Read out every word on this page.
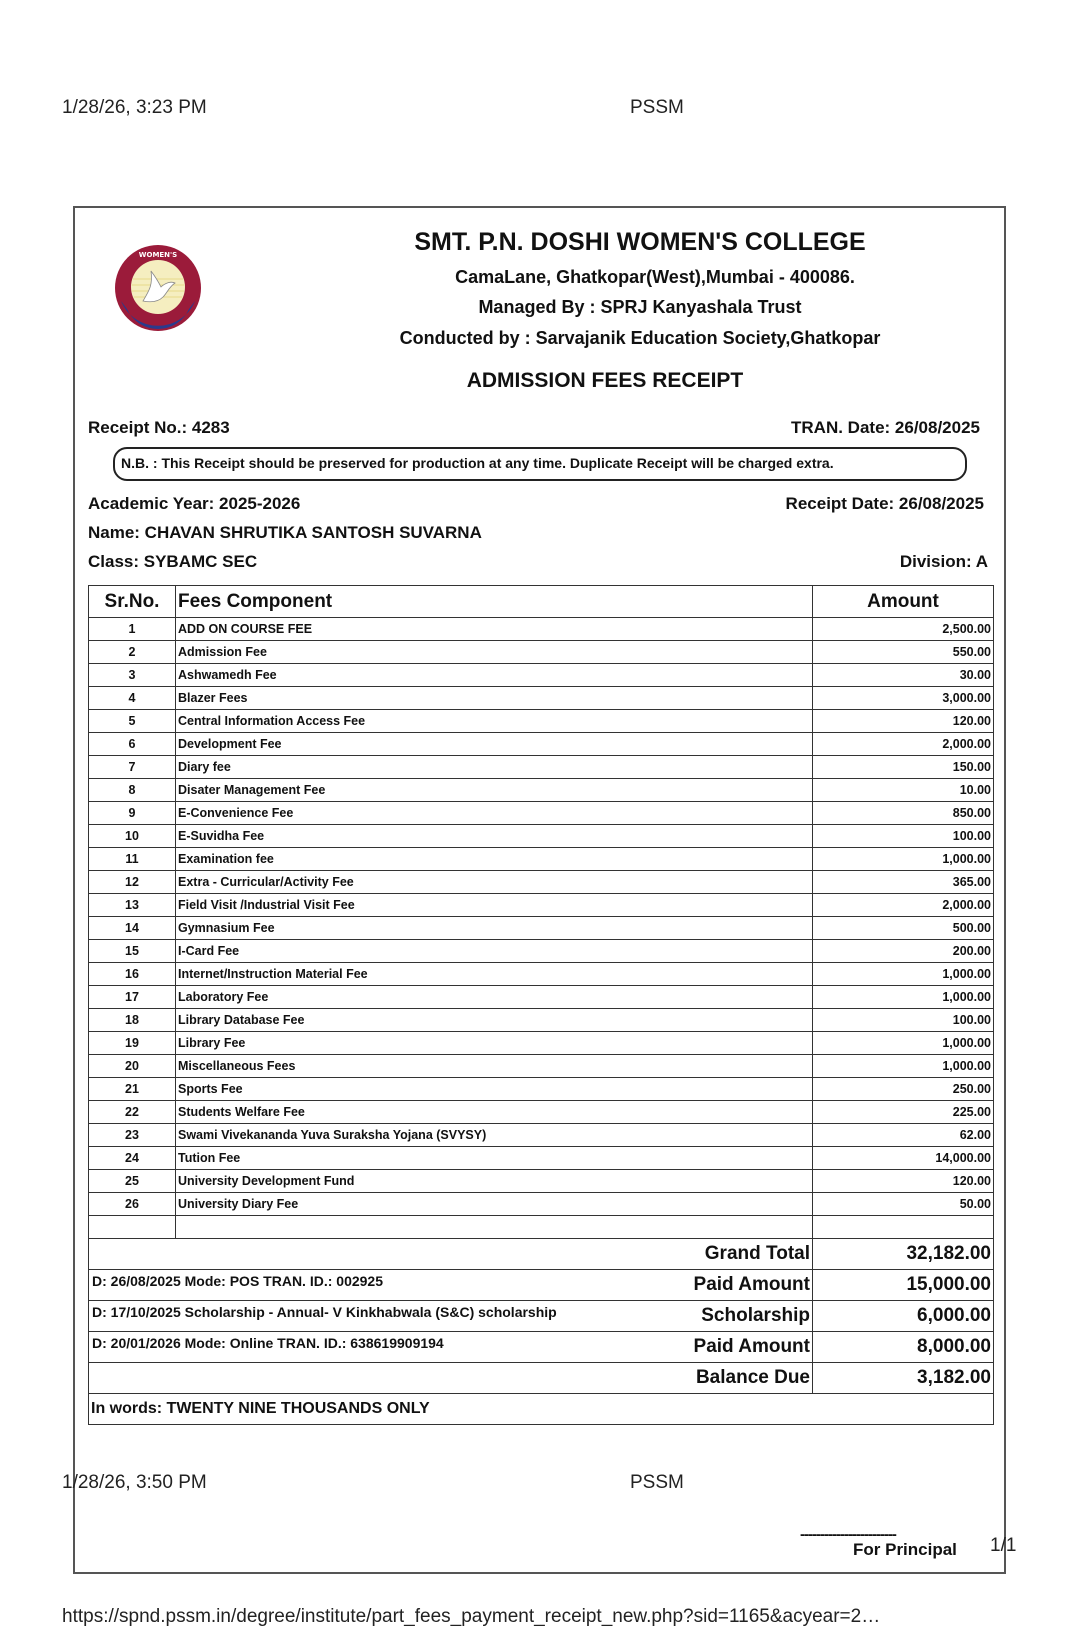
1/28/26, 3:23 PM	PSSM
WOMEN'S	SMT. P.N. DOSHI WOMEN'S COLLEGE
CamaLane, Ghatkopar(West),Mumbai - 400086.
Managed By : SPRJ Kanyashala Trust
Conducted by : Sarvajanik Education Society,Ghatkopar
ADMISSION FEES RECEIPT
Receipt No.: 4283	TRAN. Date: 26/08/2025
N.B. : This Receipt should be preserved for production at any time. Duplicate Receipt will be charged extra.
Academic Year: 2025-2026	Receipt Date: 26/08/2025
Name: CHAVAN SHRUTIKA SANTOSH SUVARNA
Class: SYBAMC SEC	Division: A
Sr.No.	Fees Component	Amount
1	ADD ON COURSE FEE	2,500.00
2	Admission Fee	550.00
3	Ashwamedh Fee	30.00
4	Blazer Fees	3,000.00
5	Central Information Access Fee	120.00
6	Development Fee	2,000.00
7	Diary fee	150.00
8	Disater Management Fee	10.00
9	E-Convenience Fee	850.00
10	E-Suvidha Fee	100.00
11	Examination fee	1,000.00
12	Extra - Curricular/Activity Fee	365.00
13	Field Visit /Industrial Visit Fee	2,000.00
14	Gymnasium Fee	500.00
15	I-Card Fee	200.00
16	Internet/Instruction Material Fee	1,000.00
17	Laboratory Fee	1,000.00
18	Library Database Fee	100.00
19	Library Fee	1,000.00
20	Miscellaneous Fees	1,000.00
21	Sports Fee	250.00
22	Students Welfare Fee	225.00
23	Swami Vivekananda Yuva Suraksha Yojana (SVYSY)	62.00
24	Tution Fee	14,000.00
25	University Development Fund	120.00
26	University Diary Fee	50.00

Grand Total		32,182.00

D: 26/08/2025 Mode: POS TRAN. ID.: 002925 Paid Amount		15,000.00

D: 17/10/2025 Scholarship - Annual- V Kinkhabwala (S&C) scholarship Scholarship		6,000.00

D: 20/01/2026 Mode: Online TRAN. ID.: 638619909194 Paid Amount		8,000.00
Balance Due		3,182.00
In words: TWENTY NINE THOUSANDS ONLY		
1/28/26, 3:50 PM	PSSM
1/1
------------------------
For Principal
https://spnd.pssm.in/degree/institute/part_fees_payment_receipt_new.php?sid=1165&acyear=2…
